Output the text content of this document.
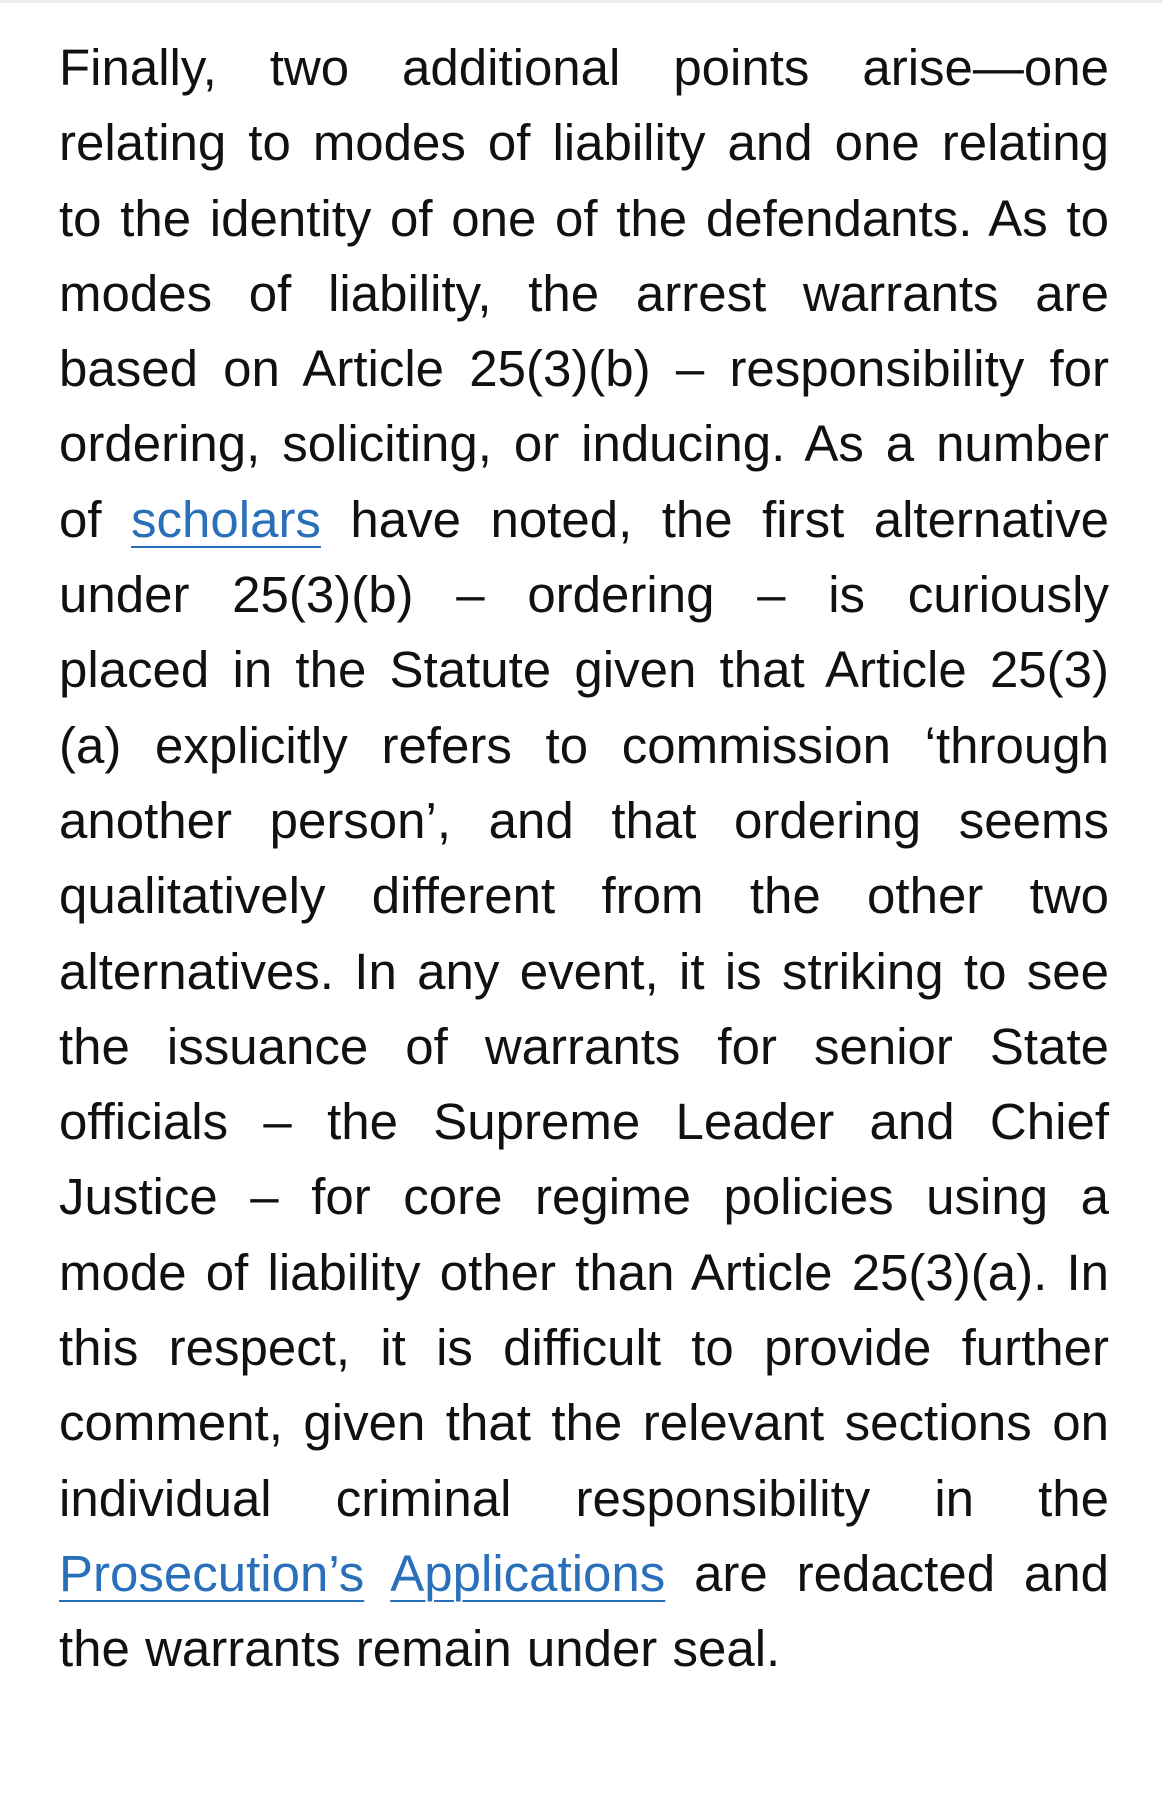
Finally, two additional points arise—one relating to modes of liability and one relating to the identity of one of the defendants. As to modes of liability, the arrest warrants are based on Article 25(3)(b) – responsibility for ordering, soliciting, or inducing. As a number of scholars have noted, the first alternative under 25(3)(b) – ordering – is curiously placed in the Statute given that Article 25(3)(a) explicitly refers to commission ‘through another person’, and that ordering seems qualitatively different from the other two alternatives. In any event, it is striking to see the issuance of warrants for senior State officials – the Supreme Leader and Chief Justice – for core regime policies using a mode of liability other than Article 25(3)(a). In this respect, it is difficult to provide further comment, given that the relevant sections on individual criminal responsibility in the Prosecution’s Applications are redacted and the warrants remain under seal.
